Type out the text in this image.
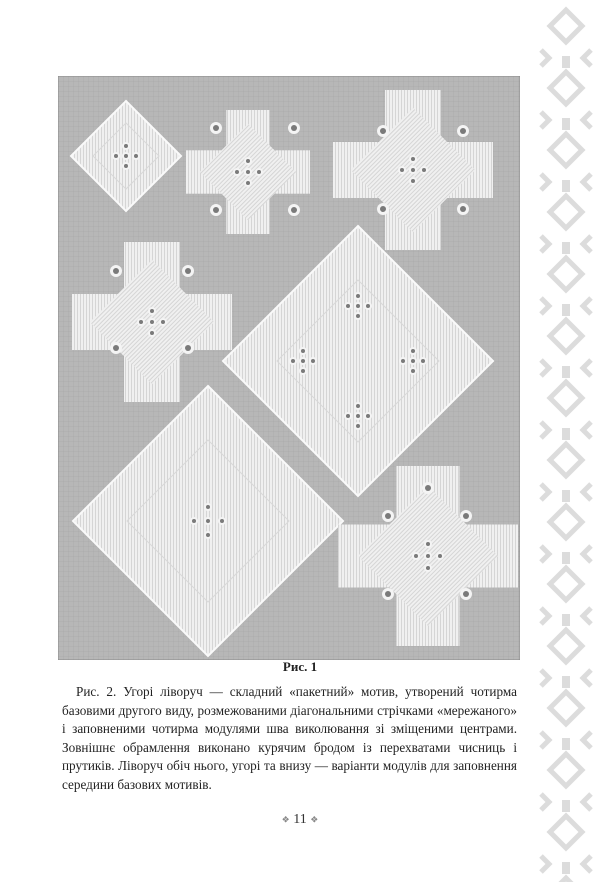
Рис. 1

Рис. 2. Угорі ліворуч — складний «пакетний» мотив, утворений чотирма базовими другого виду, розмежованими діагональними стрічками «мережаного» і заповненими чотирма модулями шва виколювання зі зміщеними центрами. Зовнішнє обрамлення виконано курячим бродом із перехватами чисниць і прутиків. Ліворуч обіч нього, угорі та внизу — варіанти модулів для заповнення середини базових мотивів.

❖ 11 ❖
